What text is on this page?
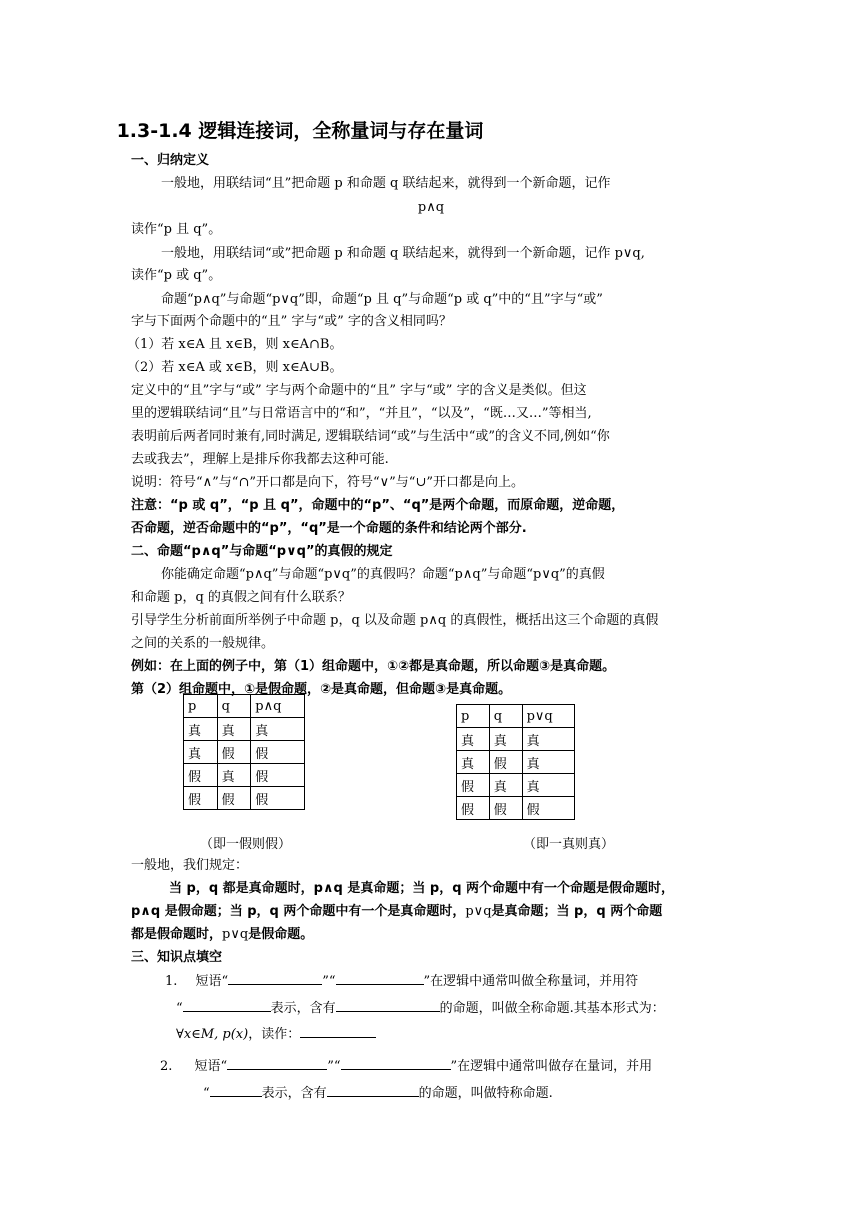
1.3-1.4 逻辑连接词，全称量词与存在量词
一、归纳定义
一般地，用联结词“且”把命题 p 和命题 q 联结起来，就得到一个新命题，记作
p∧q
读作“p 且 q”。
一般地，用联结词“或”把命题 p 和命题 q 联结起来，就得到一个新命题，记作 p∨q,
读作“p 或 q”。
命题“p∧q”与命题“p∨q”即，命题“p 且 q”与命题“p 或 q”中的“且”字与“或”
字与下面两个命题中的“且” 字与“或” 字的含义相同吗？
（1）若 x∈A 且 x∈B，则 x∈A∩B。
（2）若 x∈A 或 x∈B，则 x∈A∪B。
定义中的“且”字与“或” 字与两个命题中的“且” 字与“或” 字的含义是类似。但这
里的逻辑联结词“且”与日常语言中的“和”，“并且”，“以及”，“既…又…”等相当,
表明前后两者同时兼有,同时满足, 逻辑联结词“或”与生活中“或”的含义不同,例如“你
去或我去”，理解上是排斥你我都去这种可能.
说明：符号“∧”与“∩”开口都是向下，符号“∨”与“∪”开口都是向上。
注意：“p 或 q”，“p 且 q”，命题中的“p”、“q”是两个命题，而原命题，逆命题，
否命题，逆否命题中的“p”，“q”是一个命题的条件和结论两个部分.
二、命题“p∧q”与命题“p∨q”的真假的规定
你能确定命题“p∧q”与命题“p∨q”的真假吗？命题“p∧q”与命题“p∨q”的真假
和命题 p，q 的真假之间有什么联系？
引导学生分析前面所举例子中命题 p，q 以及命题 p∧q 的真假性，概括出这三个命题的真假
之间的关系的一般规律。
例如：在上面的例子中，第（1）组命题中，①②都是真命题，所以命题③是真命题。
第（2）组命题中，①是假命题，②是真命题，但命题③是真命题。
p	q	p∧q
真	真	真
真	假	假
假	真	假
假	假	假
（即一假则假）
p	q	p∨q
真	真	真
真	假	真
假	真	真
假	假	假
（即一真则真）
一般地，我们规定：
当 p，q 都是真命题时，p∧q 是真命题；当 p，q 两个命题中有一个命题是假命题时，
p∧q 是假命题；当 p，q 两个命题中有一个是真命题时，p∨q是真命题；当 p，q 两个命题
都是假命题时，p∨q是假命题。
三、知识点填空
1. 短语“	”“	”在逻辑中通常叫做全称量词，并用符
“	表示，含有	的命题，叫做全称命题.其基本形式为：
∀x∈M, p(x)，读作：
2. 短语“	”“	”在逻辑中通常叫做存在量词，并用
“	表示，含有	的命题，叫做特称命题.
